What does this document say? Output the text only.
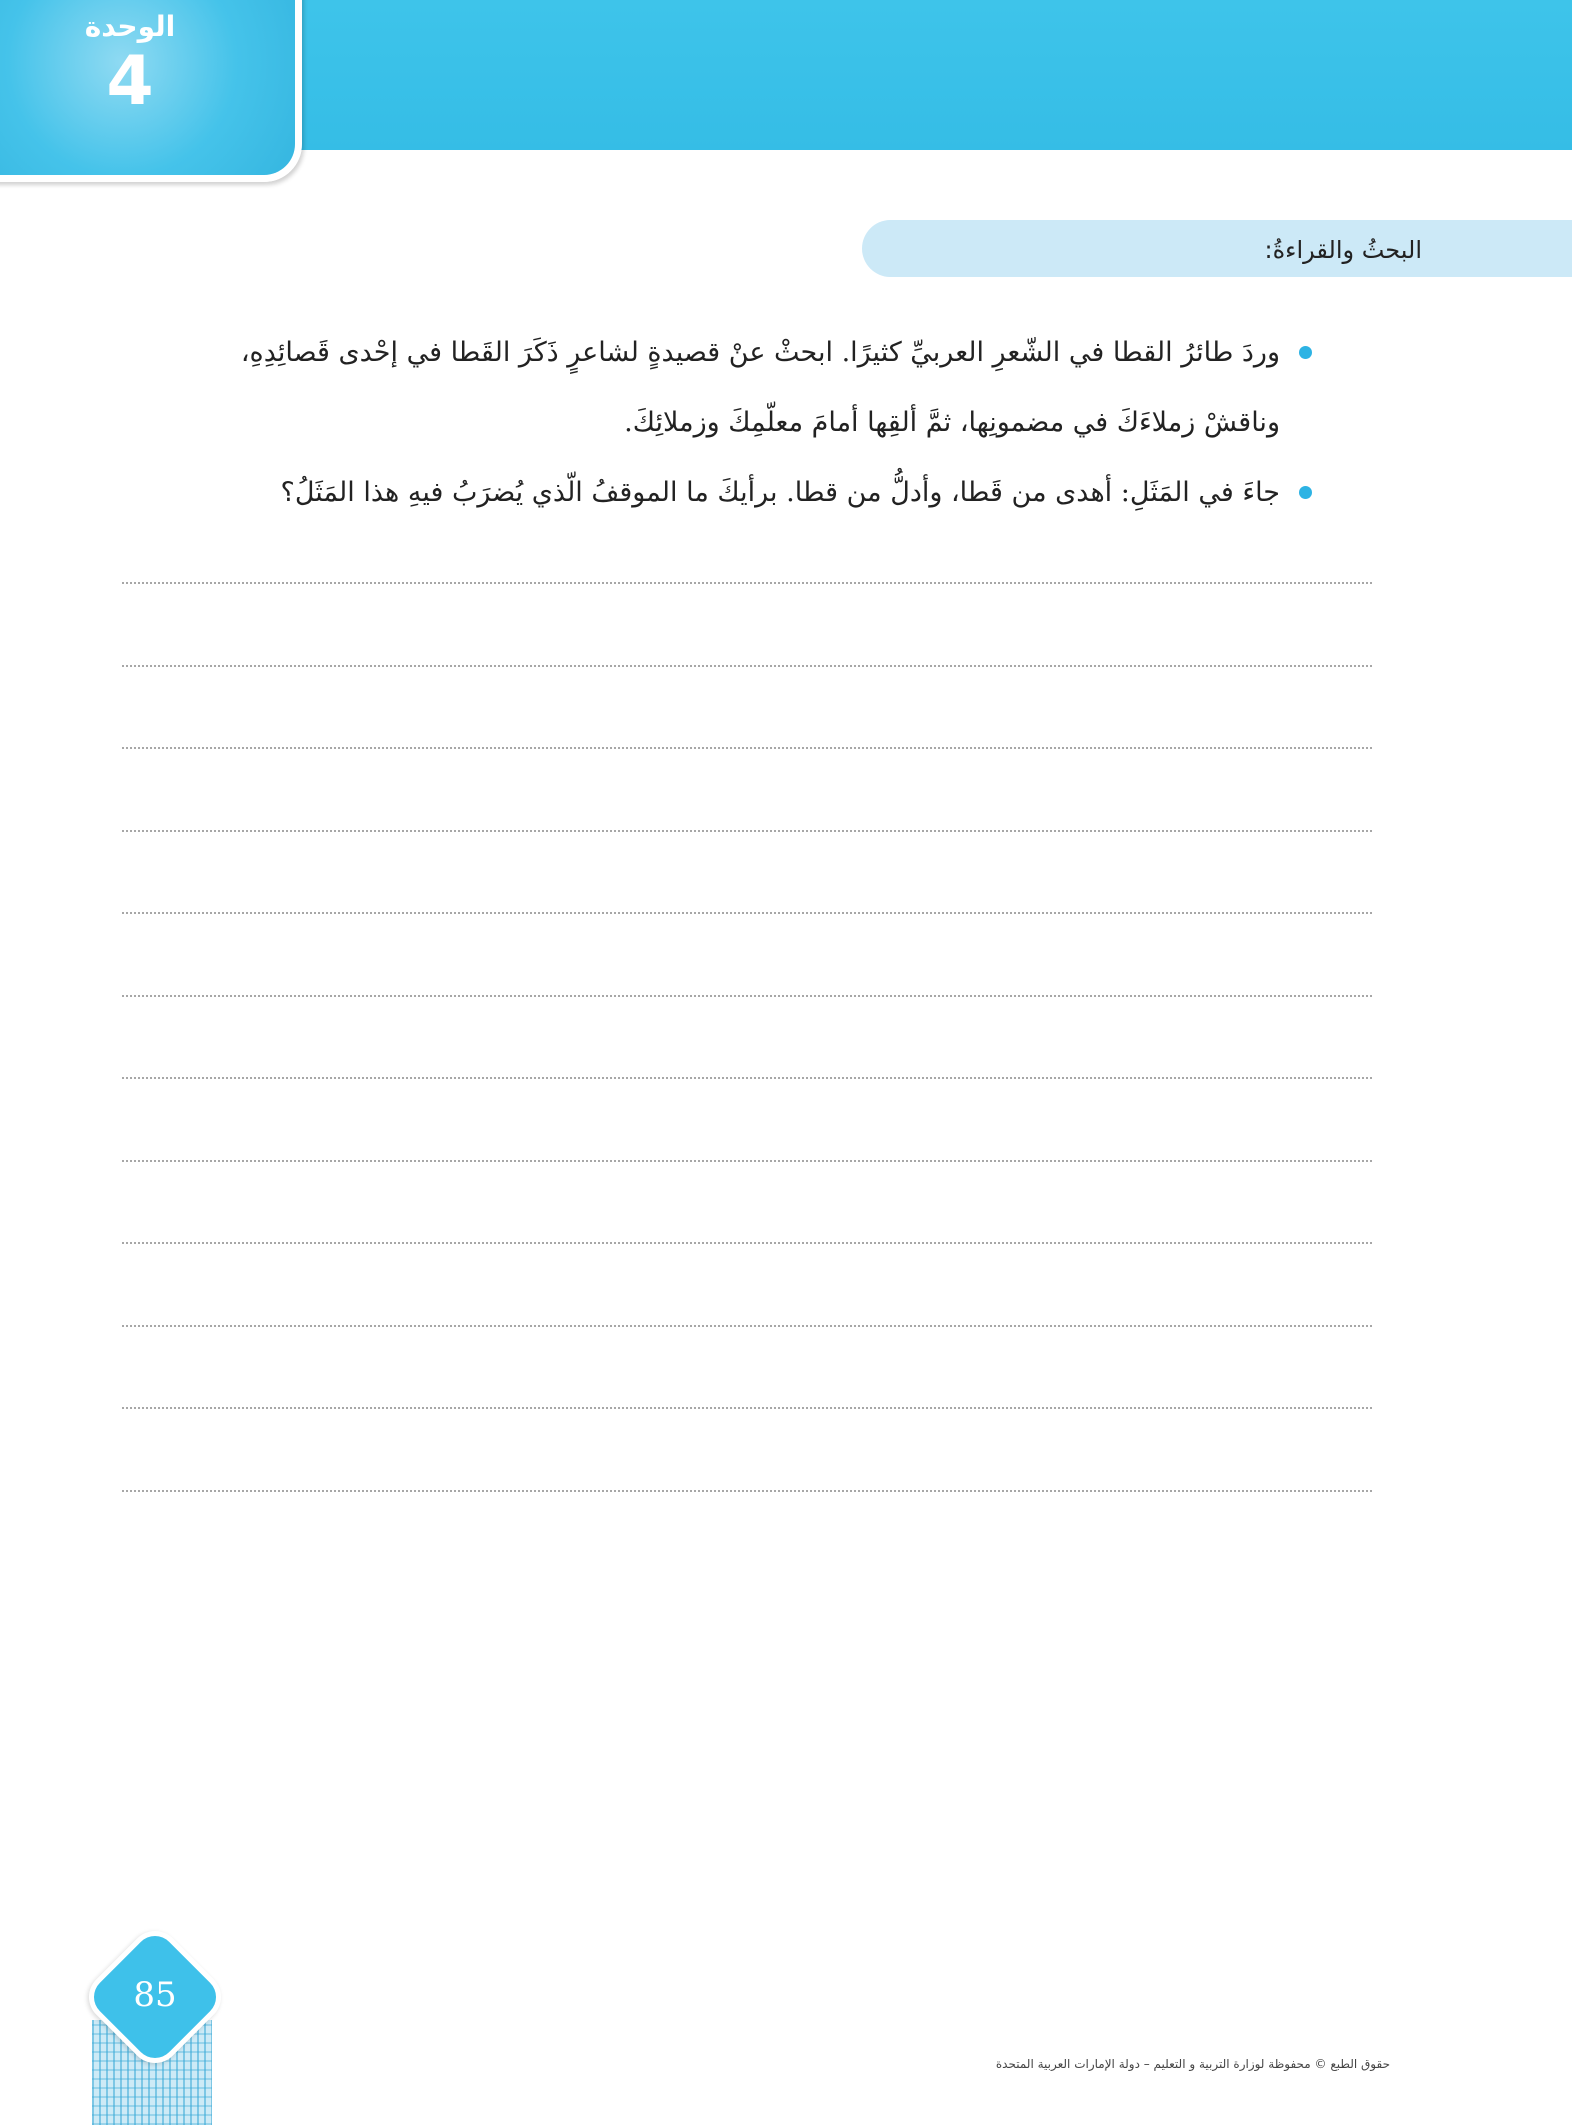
الوحدة
4
البحثُ والقراءةُ:
وردَ طائرُ القطا في الشّعرِ العربيِّ كثيرًا. ابحثْ عنْ قصيدةٍ لشاعرٍ ذَكَرَ القَطا في إحْدى قَصائِدِهِ،
وناقشْ زملاءَكَ في مضمونِها، ثمَّ ألقِها أمامَ معلّمِكَ وزملائِكَ.
جاءَ في المَثَلِ: أهدى من قَطا، وأدلُّ من قطا. برأيكَ ما الموقفُ الّذي يُضرَبُ فيهِ هذا المَثَلُ؟
85
حقوق الطبع © محفوظة لوزارة التربية و التعليم – دولة الإمارات العربية المتحدة
